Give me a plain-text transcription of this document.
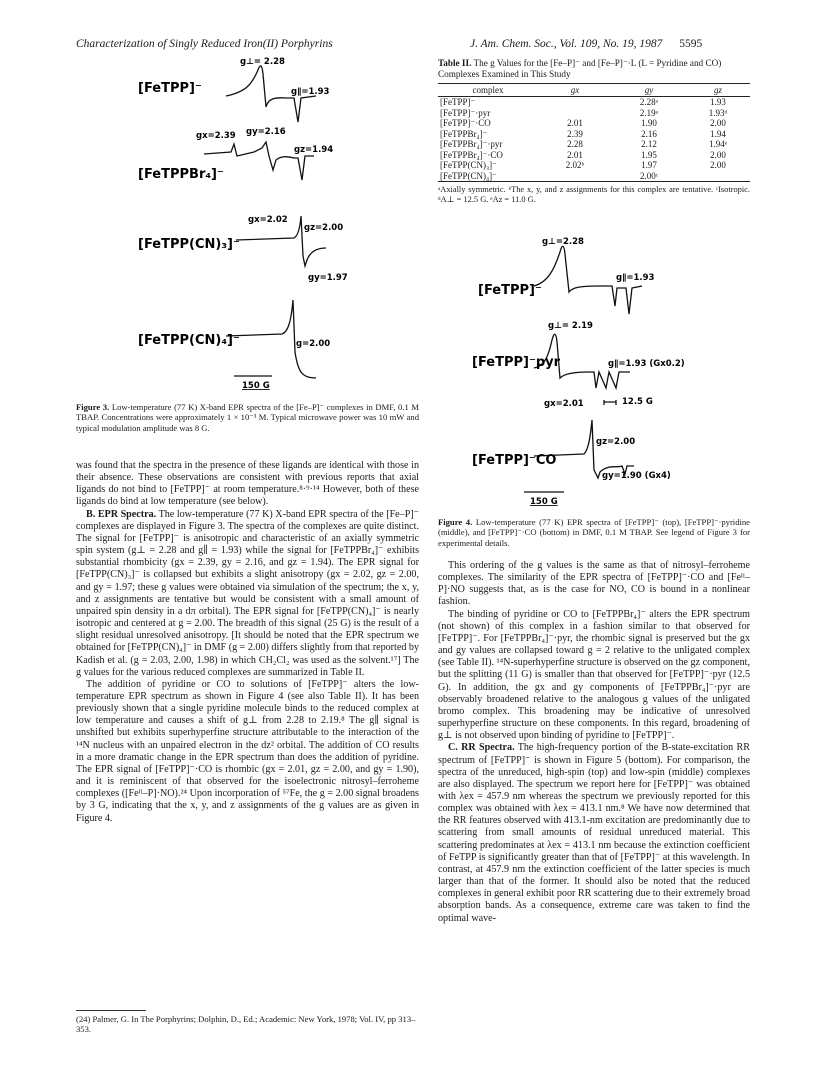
Characterization of Singly Reduced Iron(II) Porphyrins	J. Am. Chem. Soc., Vol. 109, No. 19, 1987 5595
[FeTPP]⁻
g⊥= 2.28
g∥=1.93
[FeTPPBr₄]⁻
gx=2.39 gy=2.16
gz=1.94
[FeTPP(CN)₃]⁻
gx=2.02
gz=2.00
gy=1.97
[FeTPP(CN)₄]⁻	g=2.00
150 G
Figure 3. Low-temperature (77 K) X-band EPR spectra of the [Fe–P]⁻ complexes in DMF, 0.1 M TBAP. Concentrations were approximately 1 × 10⁻³ M. Typical microwave power was 10 mW and typical modulation amplitude was 8 G.

was found that the spectra in the presence of these ligands are identical with those in their absence. These observations are consistent with previous reports that axial ligands do not bind to [FeTPP]⁻ at room temperature.⁸·⁹·¹⁴ However, both of these ligands do bind at low temperature (see below).

B. EPR Spectra. The low-temperature (77 K) X-band EPR spectra of the [Fe–P]⁻ complexes are displayed in Figure 3. The spectra of the complexes are quite distinct. The signal for [FeTPP]⁻ is anisotropic and characteristic of an axially symmetric spin system (g⊥ = 2.28 and g∥ = 1.93) while the signal for [FeTPPBr₄]⁻ exhibits substantial rhombicity (gx = 2.39, gy = 2.16, and gz = 1.94). The EPR signal for [FeTPP(CN)₃]⁻ is collapsed but exhibits a slight anisotropy (gx = 2.02, gz = 2.00, and gy = 1.97; these g values were obtained via simulation of the spectrum; the x, y, and z assignments are tentative but would be consistent with a small amount of unpaired spin density in a dπ orbital). The EPR signal for [FeTPP(CN)₄]⁻ is nearly isotropic and centered at g = 2.00. The breadth of this signal (25 G) is the result of a slight residual unresolved anisotropy. [It should be noted that the EPR spectrum we obtained for [FeTPP(CN)₄]⁻ in DMF (g = 2.00) differs slightly from that reported by Kadish et al. (g = 2.03, 2.00, 1.98) in which CH₂Cl₂ was used as the solvent.¹⁷] The g values for the various reduced complexes are summarized in Table II.

The addition of pyridine or CO to solutions of [FeTPP]⁻ alters the low-temperature EPR spectrum as shown in Figure 4 (see also Table II). It has been previously shown that a single pyridine molecule binds to the reduced complex at low temperature and causes a shift of g⊥ from 2.28 to 2.19.⁸ The g∥ signal is unshifted but exhibits superhyperfine structure attributable to the interaction of the ¹⁴N nucleus with an unpaired electron in the dz² orbital. The addition of CO results in a more dramatic change in the EPR spectrum than does the addition of pyridine. The EPR signal of [FeTPP]⁻·CO is rhombic (gx = 2.01, gz = 2.00, and gy = 1.90), and it is reminiscent of that observed for the isoelectronic nitrosyl–ferroheme complexes ([Feᴵᴵ–P]·NO).²⁴ Upon incorporation of ⁵⁷Fe, the g = 2.00 signal broadens by 3 G, indicating that the x, y, and z assignments of the g values are as given in Figure 4.

(24) Palmer, G. In The Porphyrins; Dolphin, D., Ed.; Academic: New York, 1978; Vol. IV, pp 313–353.
Table II. The g Values for the [Fe–P]⁻ and [Fe–P]⁻·L (L = Pyridine and CO) Complexes Examined in This Study
complex	gx	gy	gz
[FeTPP]⁻		2.28ᵃ	1.93
[FeTPP]⁻·pyr		2.19ᵃ	1.93ᵈ
[FeTPP]⁻·CO	2.01	1.90	2.00
[FeTPPBr₄]⁻	2.39	2.16	1.94
[FeTPPBr₄]⁻·pyr	2.28	2.12	1.94ᵉ
[FeTPPBr₄]⁻·CO	2.01	1.95	2.00
[FeTPP(CN)₃]⁻	2.02ᵇ	1.97	2.00
[FeTPP(CN)₄]⁻		2.00ᶜ	
ᵃAxially symmetric. ᵇThe x, y, and z assignments for this complex are tentative. ᶜIsotropic. ᵈA⊥ = 12.5 G. ᵉAz = 11.0 G.
[FeTPP]⁻
g⊥=2.28
g∥=1.93
[FeTPP]⁻pyr
g⊥= 2.19
g∥=1.93 (Gx0.2)
12.5 G
[FeTPP]⁻CO
gx=2.01
gz=2.00
gy=1.90 (Gx4)
150 G
Figure 4. Low-temperature (77 K) EPR spectra of [FeTPP]⁻ (top), [FeTPP]⁻·pyridine (middle), and [FeTPP]⁻·CO (bottom) in DMF, 0.1 M TBAP. See legend of Figure 3 for experimental details.

This ordering of the g values is the same as that of nitrosyl–ferroheme complexes. The similarity of the EPR spectra of [FeTPP]⁻·CO and [Feᴵᴵ–P]·NO suggests that, as is the case for NO, CO is bound in a nonlinear fashion.

The binding of pyridine or CO to [FeTPPBr₄]⁻ alters the EPR spectrum (not shown) of this complex in a fashion similar to that observed for [FeTPP]⁻. For [FeTPPBr₄]⁻·pyr, the rhombic signal is preserved but the gx and gy values are collapsed toward g = 2 relative to the unligated complex (see Table II). ¹⁴N-superhyperfine structure is observed on the gz component, but the splitting (11 G) is smaller than that observed for [FeTPP]⁻·pyr (12.5 G). In addition, the gx and gy components of [FeTPPBr₄]⁻·pyr are observably broadened relative to the analogous g values of the unligated bromo complex. This broadening may be indicative of unresolved superhyperfine structure on these components. In this regard, broadening of g⊥ is not observed upon binding of pyridine to [FeTPP]⁻.

C. RR Spectra. The high-frequency portion of the B-state-excitation RR spectrum of [FeTPP]⁻ is shown in Figure 5 (bottom). For comparison, the spectra of the unreduced, high-spin (top) and low-spin (middle) complexes are also displayed. The spectrum we report here for [FeTPP]⁻ was obtained with λex = 457.9 nm whereas the spectrum we previously reported for this complex was obtained with λex = 413.1 nm.⁸ We have now determined that the RR features observed with 413.1-nm excitation are predominantly due to scattering from small amounts of residual unreduced material. This scattering predominates at λex = 413.1 nm because the extinction coefficient of FeTPP is significantly greater than that of [FeTPP]⁻ at this wavelength. In contrast, at 457.9 nm the extinction coefficient of the latter species is much larger than that of the former. It should also be noted that the reduced complexes in general exhibit poor RR scattering due to their extremely broad absorption bands. As a consequence, extreme care was taken to find the optimal wave-
